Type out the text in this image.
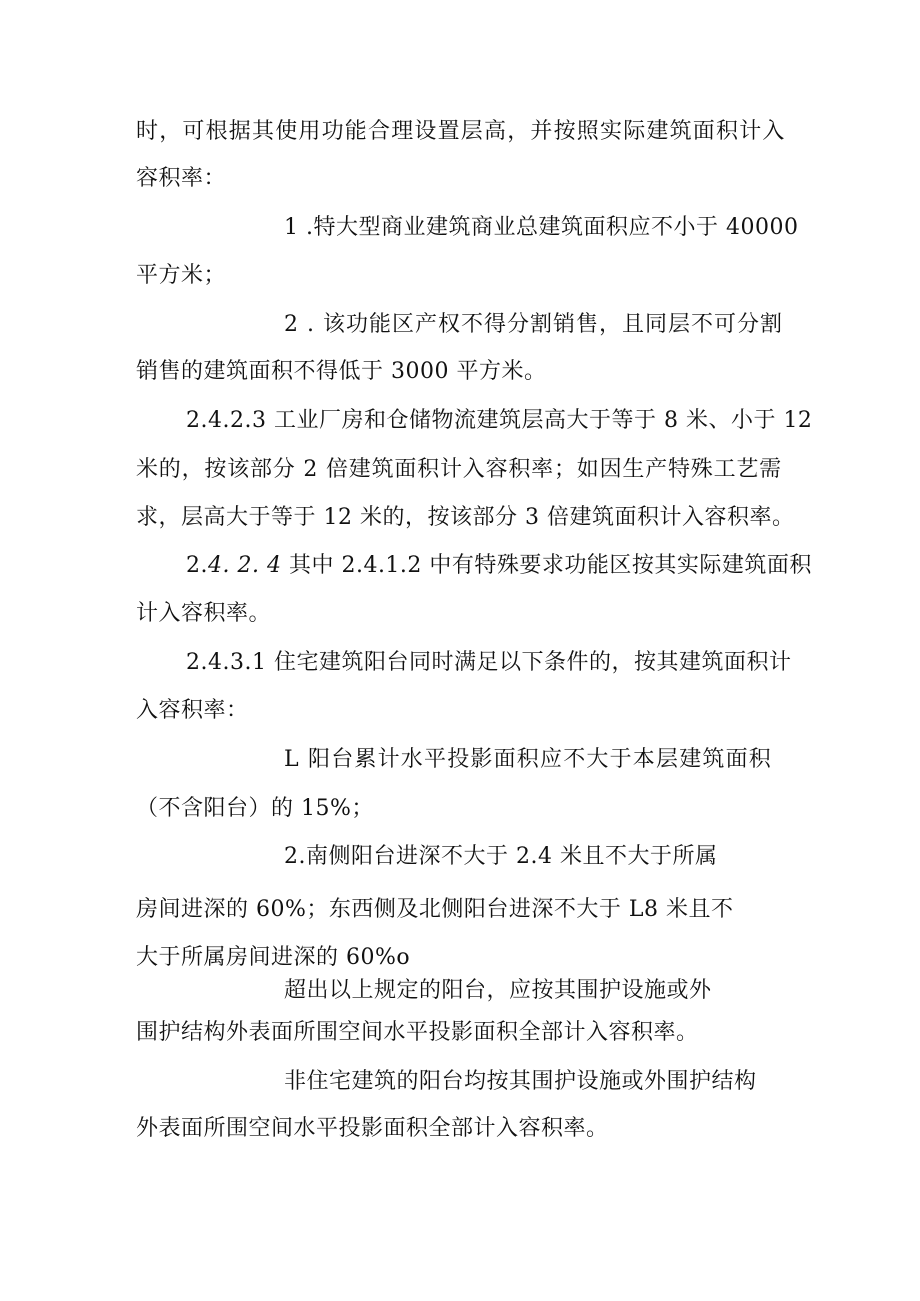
时，可根据其使用功能合理设置层高，并按照实际建筑面积计入
容积率：
1 .特大型商业建筑商业总建筑面积应不小于 40000
平方米；
2 . 该功能区产权不得分割销售，且同层不可分割
销售的建筑面积不得低于 3000 平方米。
2.4.2.3 工业厂房和仓储物流建筑层高大于等于 8 米、小于 12
米的，按该部分 2 倍建筑面积计入容积率；如因生产特殊工艺需
求，层高大于等于 12 米的，按该部分 3 倍建筑面积计入容积率。
2.4. 2. 4 其中 2.4.1.2 中有特殊要求功能区按其实际建筑面积
计入容积率。
2.4.3.1 住宅建筑阳台同时满足以下条件的，按其建筑面积计
入容积率：
L 阳台累计水平投影面积应不大于本层建筑面积
（不含阳台）的 15%；
2.南侧阳台进深不大于 2.4 米且不大于所属
房间进深的 60%；东西侧及北侧阳台进深不大于 L8 米且不
大于所属房间进深的 60%o
超出以上规定的阳台，应按其围护设施或外
围护结构外表面所围空间水平投影面积全部计入容积率。
非住宅建筑的阳台均按其围护设施或外围护结构
外表面所围空间水平投影面积全部计入容积率。
